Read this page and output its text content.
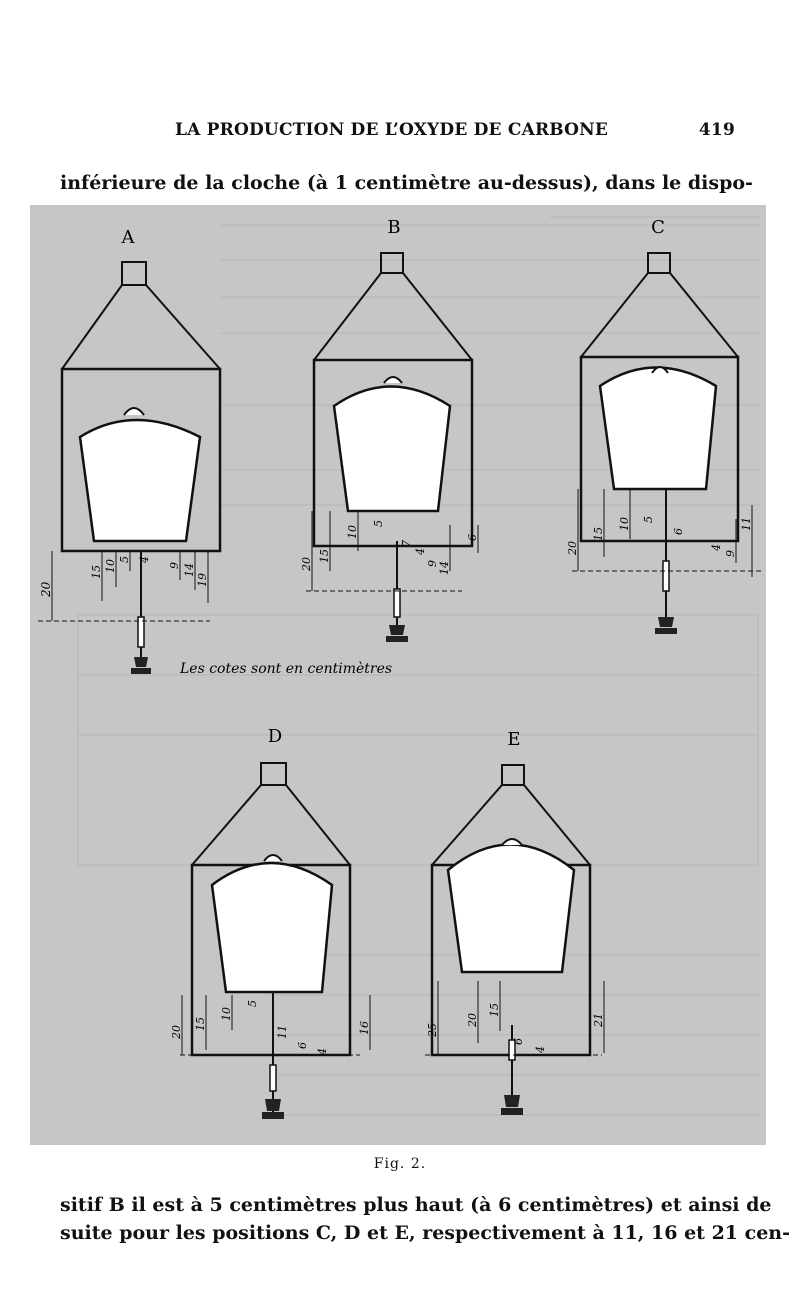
LA PRODUCTION DE L’OXYDE DE CARBONE	419
inférieure de la cloche (à 1 centimètre au-dessus), dans le dispo-
A
15 10 5 4
20
9 14
19
Les cotes sont en centimètres
B
20
15
10
5
7
4
9 14
6
C
20
15
10 5
6
4
9
11
D
20
15
10
5
11
6
16
4
E
25
20
15
6
4
21
Fig. 2.
sitif B il est à 5 centimètres plus haut (à 6 centimètres) et ainsi de
suite pour les positions C, D et E, respectivement à 11, 16 et 21 cen-
